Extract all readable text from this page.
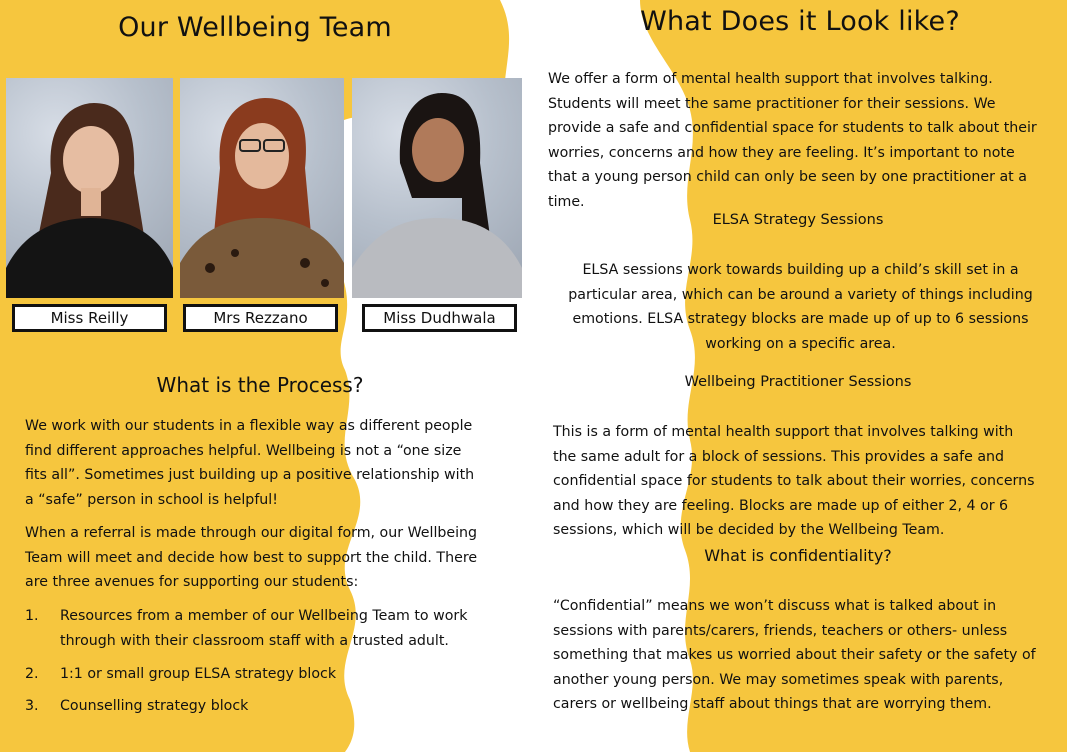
Our Wellbeing Team
Miss Reilly	Mrs Rezzano	Miss Dudhwala
What is the Process?
We work with our students in a flexible way as different people find different approaches helpful. Wellbeing is not a “one size fits all”. Sometimes just building up a positive relationship with a “safe” person in school is helpful!
When a referral is made through our digital form, our Wellbeing Team will meet and decide how best to support the child. There are three avenues for supporting our students:
1. Resources from a member of our Wellbeing Team to work through with their classroom staff with a trusted adult.
2. 1:1 or small group ELSA strategy block
3. Counselling strategy block
What Does it Look like?
We offer a form of mental health support that involves talking. Students will meet the same practitioner for their sessions. We provide a safe and confidential space for students to talk about their worries, concerns and how they are feeling. It’s important to note that a young person child can only be seen by one practitioner at a time.
ELSA Strategy Sessions
ELSA sessions work towards building up a child’s skill set in a particular area, which can be around a variety of things including emotions. ELSA strategy blocks are made up of up to 6 sessions working on a specific area.
Wellbeing Practitioner Sessions
This is a form of mental health support that involves talking with the same adult for a block of sessions. This provides a safe and confidential space for students to talk about their worries, concerns and how they are feeling. Blocks are made up of either 2, 4 or 6 sessions, which will be decided by the Wellbeing Team.
What is confidentiality?
“Confidential” means we won’t discuss what is talked about in sessions with parents/carers, friends, teachers or others- unless something that makes us worried about their safety or the safety of another young person. We may sometimes speak with parents, carers or wellbeing staff about things that are worrying them.
